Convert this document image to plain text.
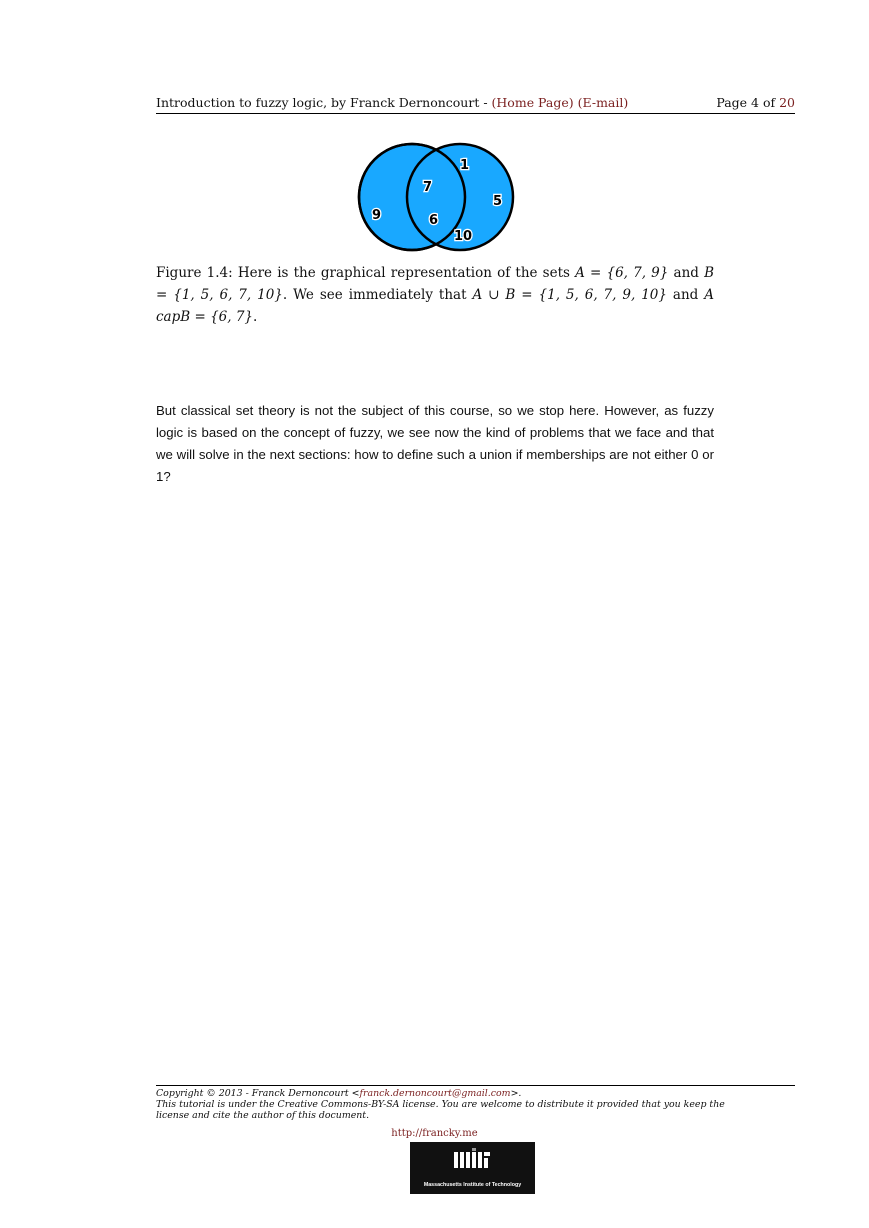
Introduction to fuzzy logic, by Franck Dernoncourt - (Home Page) (E-mail)	Page 4 of 20
1
7
5
9	6
10
Figure 1.4: Here is the graphical representation of the sets A = {6, 7, 9} and B = {1, 5, 6, 7, 10}. We see immediately that A ∪ B = {1, 5, 6, 7, 9, 10} and A capB = {6, 7}.

But classical set theory is not the subject of this course, so we stop here. However, as fuzzy logic is based on the concept of fuzzy, we see now the kind of problems that we face and that we will solve in the next sections: how to define such a union if memberships are not either 0 or 1?

Copyright © 2013 - Franck Dernoncourt <franck.dernoncourt@gmail.com>.
This tutorial is under the Creative Commons-BY-SA license. You are welcome to distribute it provided that you keep the license and cite the author of this document.
http://francky.me
Massachusetts Institute of Technology
